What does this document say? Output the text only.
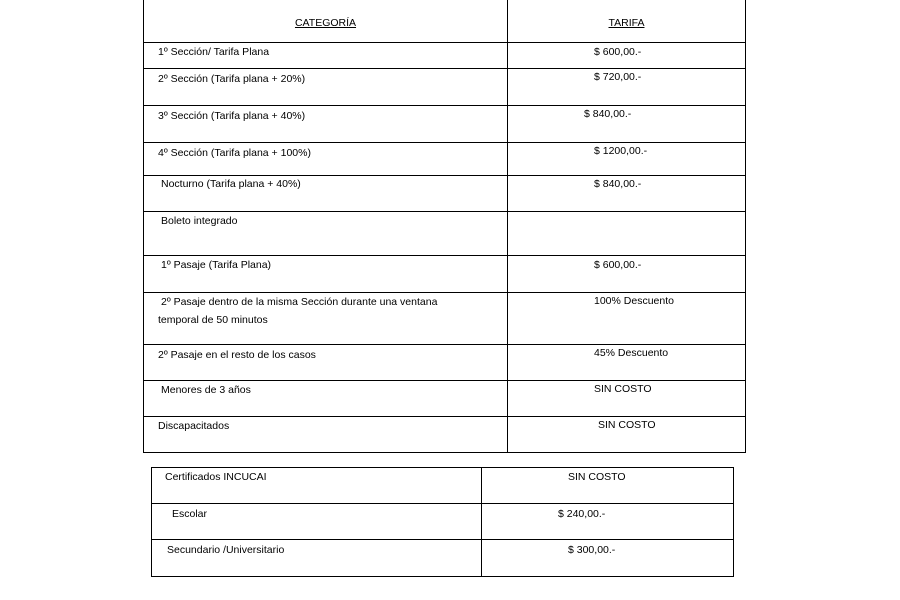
CATEGORÍA	TARIFA

1º Sección/ Tarifa Plana	$ 600,00.-

2º Sección (Tarifa plana + 20%)	$ 720,00.-

3º Sección (Tarifa plana + 40%)	$ 840,00.-

4º Sección (Tarifa plana + 100%)	$ 1200,00.-

Nocturno (Tarifa plana + 40%)	$ 840,00.-

Boleto integrado	

1º Pasaje (Tarifa Plana)	$ 600,00.-

2º Pasaje dentro de la misma Sección durante una ventana temporal de 50 minutos	100% Descuento

2º Pasaje en el resto de los casos	45% Descuento

Menores de 3 años	SIN COSTO

Discapacitados	SIN COSTO
Certificados INCUCAI	SIN COSTO

Escolar	$ 240,00.-

Secundario /Universitario	$ 300,00.-
